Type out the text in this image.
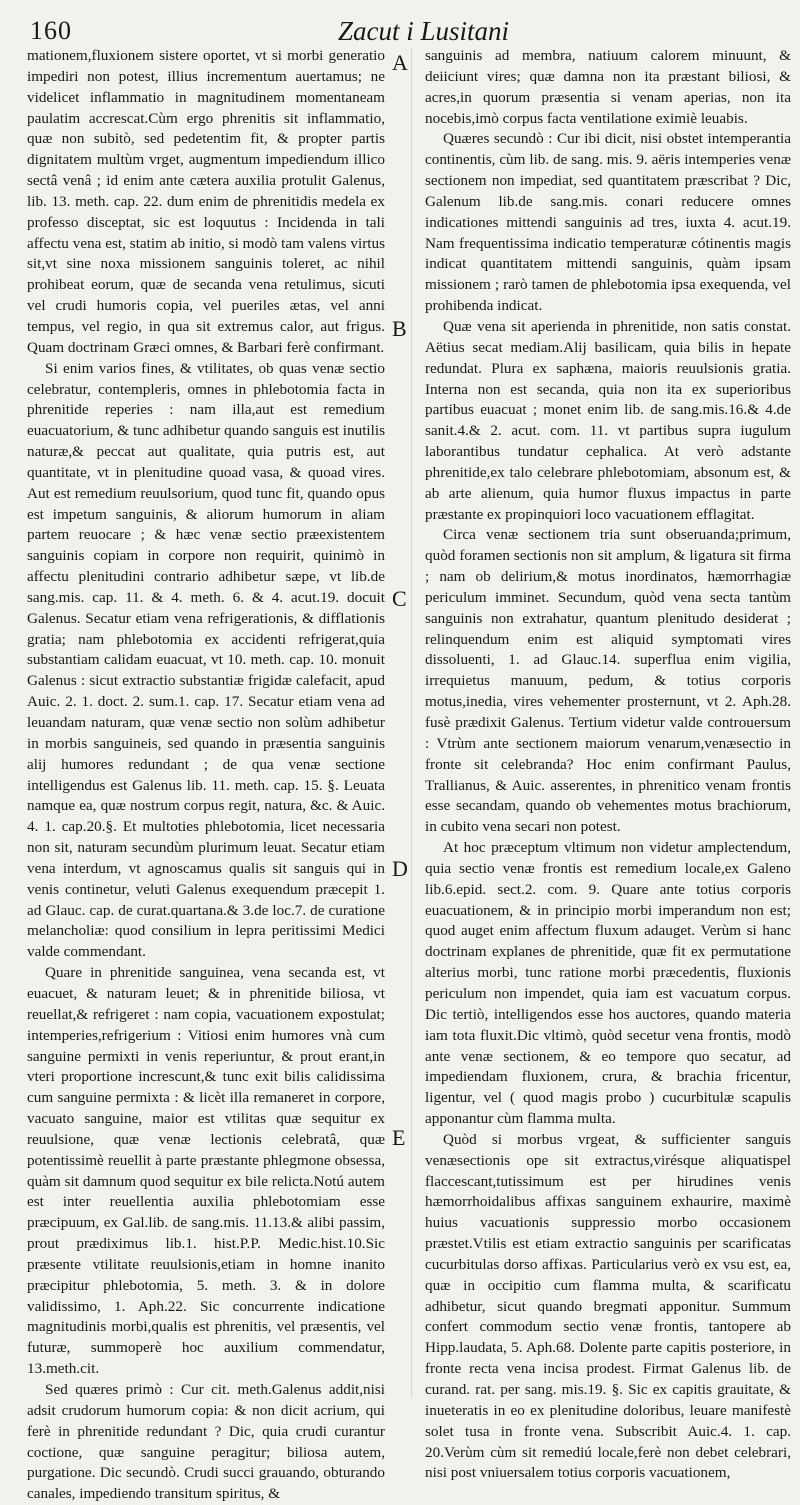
160	Zacut i Lusitani
A
B
C
D
E

mationem,fluxionem sistere oportet, vt si morbi generatio impediri non potest, illius incrementum auertamus; ne videlicet inflammatio in magnitudinem momentaneam paulatim accrescat.Cùm ergo phrenitis sit inflammatio, quæ non subitò, sed pedetentim fit, & propter partis dignitatem multùm vrget, augmentum impediendum illico sectâ venâ ; id enim ante cætera auxilia protulit Galenus, lib. 13. meth. cap. 22. dum enim de phrenitidis medela ex professo disceptat, sic est loquutus : Incidenda in tali affectu vena est, statim ab initio, si modò tam valens virtus sit,vt sine noxa missionem sanguinis toleret, ac nihil prohibeat eorum, quæ de secanda vena retulimus, sicuti vel crudi humoris copia, vel pueriles ætas, vel anni tempus, vel regio, in qua sit extremus calor, aut frigus. Quam doctrinam Græci omnes, & Barbari ferè confirmant.

Si enim varios fines, & vtilitates, ob quas venæ sectio celebratur, contempleris, omnes in phlebotomia facta in phrenitide reperies : nam illa,aut est remedium euacuatorium, & tunc adhibetur quando sanguis est inutilis naturæ,& peccat aut qualitate, quia putris est, aut quantitate, vt in plenitudine quoad vasa, & quoad vires. Aut est remedium reuulsorium, quod tunc fit, quando opus est impetum sanguinis, & aliorum humorum in aliam partem reuocare ; & hæc venæ sectio præexistentem sanguinis copiam in corpore non requirit, quinimò in affectu plenitudini contrario adhibetur sæpe, vt lib.de sang.mis. cap. 11. & 4. meth. 6. & 4. acut.19. docuit Galenus. Secatur etiam vena refrigerationis, & difflationis gratia; nam phlebotomia ex accidenti refrigerat,quia substantiam calidam euacuat, vt 10. meth. cap. 10. monuit Galenus : sicut extractio substantiæ frigidæ calefacit, apud Auic. 2. 1. doct. 2. sum.1. cap. 17. Secatur etiam vena ad leuandam naturam, quæ venæ sectio non solùm adhibetur in morbis sanguineis, sed quando in præsentia sanguinis alij humores redundant ; de qua venæ sectione intelligendus est Galenus lib. 11. meth. cap. 15. §. Leuata namque ea, quæ nostrum corpus regit, natura, &c. & Auic. 4. 1. cap.20.§. Et multoties phlebotomia, licet necessaria non sit, naturam secundùm plurimum leuat. Secatur etiam vena interdum, vt agnoscamus qualis sit sanguis qui in venis continetur, veluti Galenus exequendum præcepit 1. ad Glauc. cap. de curat.quartana.& 3.de loc.7. de curatione melancholiæ: quod consilium in lepra peritissimi Medici valde commendant.

Quare in phrenitide sanguinea, vena secanda est, vt euacuet, & naturam leuet; & in phrenitide biliosa, vt reuellat,& refrigeret : nam copia, vacuationem expostulat; intemperies,refrigerium : Vitiosi enim humores vnà cum sanguine permixti in venis reperiuntur, & prout erant,in vteri proportione increscunt,& tunc exit bilis calidissima cum sanguine permixta : & licèt illa remaneret in corpore, vacuato sanguine, maior est vtilitas quæ sequitur ex reuulsione, quæ venæ lectionis celebratâ, quæ potentissimè reuellit à parte præstante phlegmone obsessa, quàm sit damnum quod sequitur ex bile relicta.Notú autem est inter reuellentia auxilia phlebotomiam esse præcipuum, ex Gal.lib. de sang.mis. 11.13.& alibi passim, prout prædiximus lib.1. hist.P.P. Medic.hist.10.Sic præsente vtilitate reuulsionis,etiam in homne inanito præcipitur phlebotomia, 5. meth. 3. & in dolore validissimo, 1. Aph.22. Sic concurrente indicatione magnitudinis morbi,qualis est phrenitis, vel præsentis, vel futuræ, summoperè hoc auxilium commendatur, 13.meth.cit.

Sed quæres primò : Cur cit. meth.Galenus addit,nisi adsit crudorum humorum copia: & non dicit acrium, qui ferè in phrenitide redundant ? Dic, quia crudi curantur coctione, quæ sanguine peragitur; biliosa autem, purgatione. Dic secundò. Crudi succi grauando, obturando canales, impediendo transitum spiritus, &

sanguinis ad membra, natiuum calorem minuunt, & deiiciunt vires; quæ damna non ita præstant biliosi, & acres,in quorum præsentia si venam aperias, non ita nocebis,imò corpus facta ventilatione eximiè leuabis.

Quæres secundò : Cur ibi dicit, nisi obstet intemperantia continentis, cùm lib. de sang. mis. 9. aëris intemperies venæ sectionem non impediat, sed quantitatem præscribat ? Dic, Galenum lib.de sang.mis. conari reducere omnes indicationes mittendi sanguinis ad tres, iuxta 4. acut.19. Nam frequentissima indicatio temperaturæ cótinentis magis indicat quantitatem mittendi sanguinis, quàm ipsam missionem ; rarò tamen de phlebotomia ipsa exequenda, vel prohibenda indicat.

Quæ vena sit aperienda in phrenitide, non satis constat. Aëtius secat mediam.Alij basilicam, quia bilis in hepate redundat. Plura ex saphæna, maioris reuulsionis gratia. Interna non est secanda, quia non ita ex superioribus partibus euacuat ; monet enim lib. de sang.mis.16.& 4.de sanit.4.& 2. acut. com. 11. vt partibus supra iugulum laborantibus tundatur cephalica. At verò adstante phrenitide,ex talo celebrare phlebotomiam, absonum est, & ab arte alienum, quia humor fluxus impactus in parte præstante ex propinquiori loco vacuationem efflagitat.

Circa venæ sectionem tria sunt obseruanda;primum, quòd foramen sectionis non sit amplum, & ligatura sit firma ; nam ob delirium,& motus inordinatos, hæmorrhagiæ periculum imminet. Secundum, quòd vena secta tantùm sanguinis non extrahatur, quantum plenitudo desiderat ; relinquendum enim est aliquid symptomati vires dissoluenti, 1. ad Glauc.14. superflua enim vigilia, irrequietus manuum, pedum, & totius corporis motus,inedia, vires vehementer prosternunt, vt 2. Aph.28. fusè prædixit Galenus. Tertium videtur valde controuersum : Vtrùm ante sectionem maiorum venarum,venæsectio in fronte sit celebranda? Hoc enim confirmant Paulus, Trallianus, & Auic. asserentes, in phrenitico venam frontis esse secandam, quando ob vehementes motus brachiorum, in cubito vena secari non potest.

At hoc præceptum vltimum non videtur amplectendum, quia sectio venæ frontis est remedium locale,ex Galeno lib.6.epid. sect.2. com. 9. Quare ante totius corporis euacuationem, & in principio morbi imperandum non est; quod auget enim affectum fluxum adauget. Verùm si hanc doctrinam explanes de phrenitide, quæ fit ex permutatione alterius morbi, tunc ratione morbi præcedentis, fluxionis periculum non impendet, quia iam est vacuatum corpus. Dic tertiò, intelligendos esse hos auctores, quando materia iam tota fluxit.Dic vltimò, quòd secetur vena frontis, modò ante venæ sectionem, & eo tempore quo secatur, ad impediendam fluxionem, crura, & brachia fricentur, ligentur, vel ( quod magis probo ) cucurbitulæ scapulis apponantur cùm flamma multa.

Quòd si morbus vrgeat, & sufficienter sanguis venæsectionis ope sit extractus,virésque aliquatispel flaccescant,tutissimum est per hirudines venis hæmorrhoidalibus affixas sanguinem exhaurire, maximè huius vacuationis suppressio morbo occasionem præstet.Vtilis est etiam extractio sanguinis per scarificatas cucurbitulas dorso affixas. Particularius verò ex vsu est, ea, quæ in occipitio cum flamma multa, & scarificatu adhibetur, sicut quando bregmati apponitur. Summum confert commodum sectio venæ frontis, tantopere ab Hipp.laudata, 5. Aph.68. Dolente parte capitis posteriore, in fronte recta vena incisa prodest. Firmat Galenus lib. de curand. rat. per sang. mis.19. §. Sic ex capitis grauitate, & inueteratis in eo ex plenitudine doloribus, leuare manifestè solet tusa in fronte vena. Subscribit Auic.4. 1. cap. 20.Verùm cùm sit remediú locale,ferè non debet celebrari, nisi post vniuersalem totius corporis vacuationem,
